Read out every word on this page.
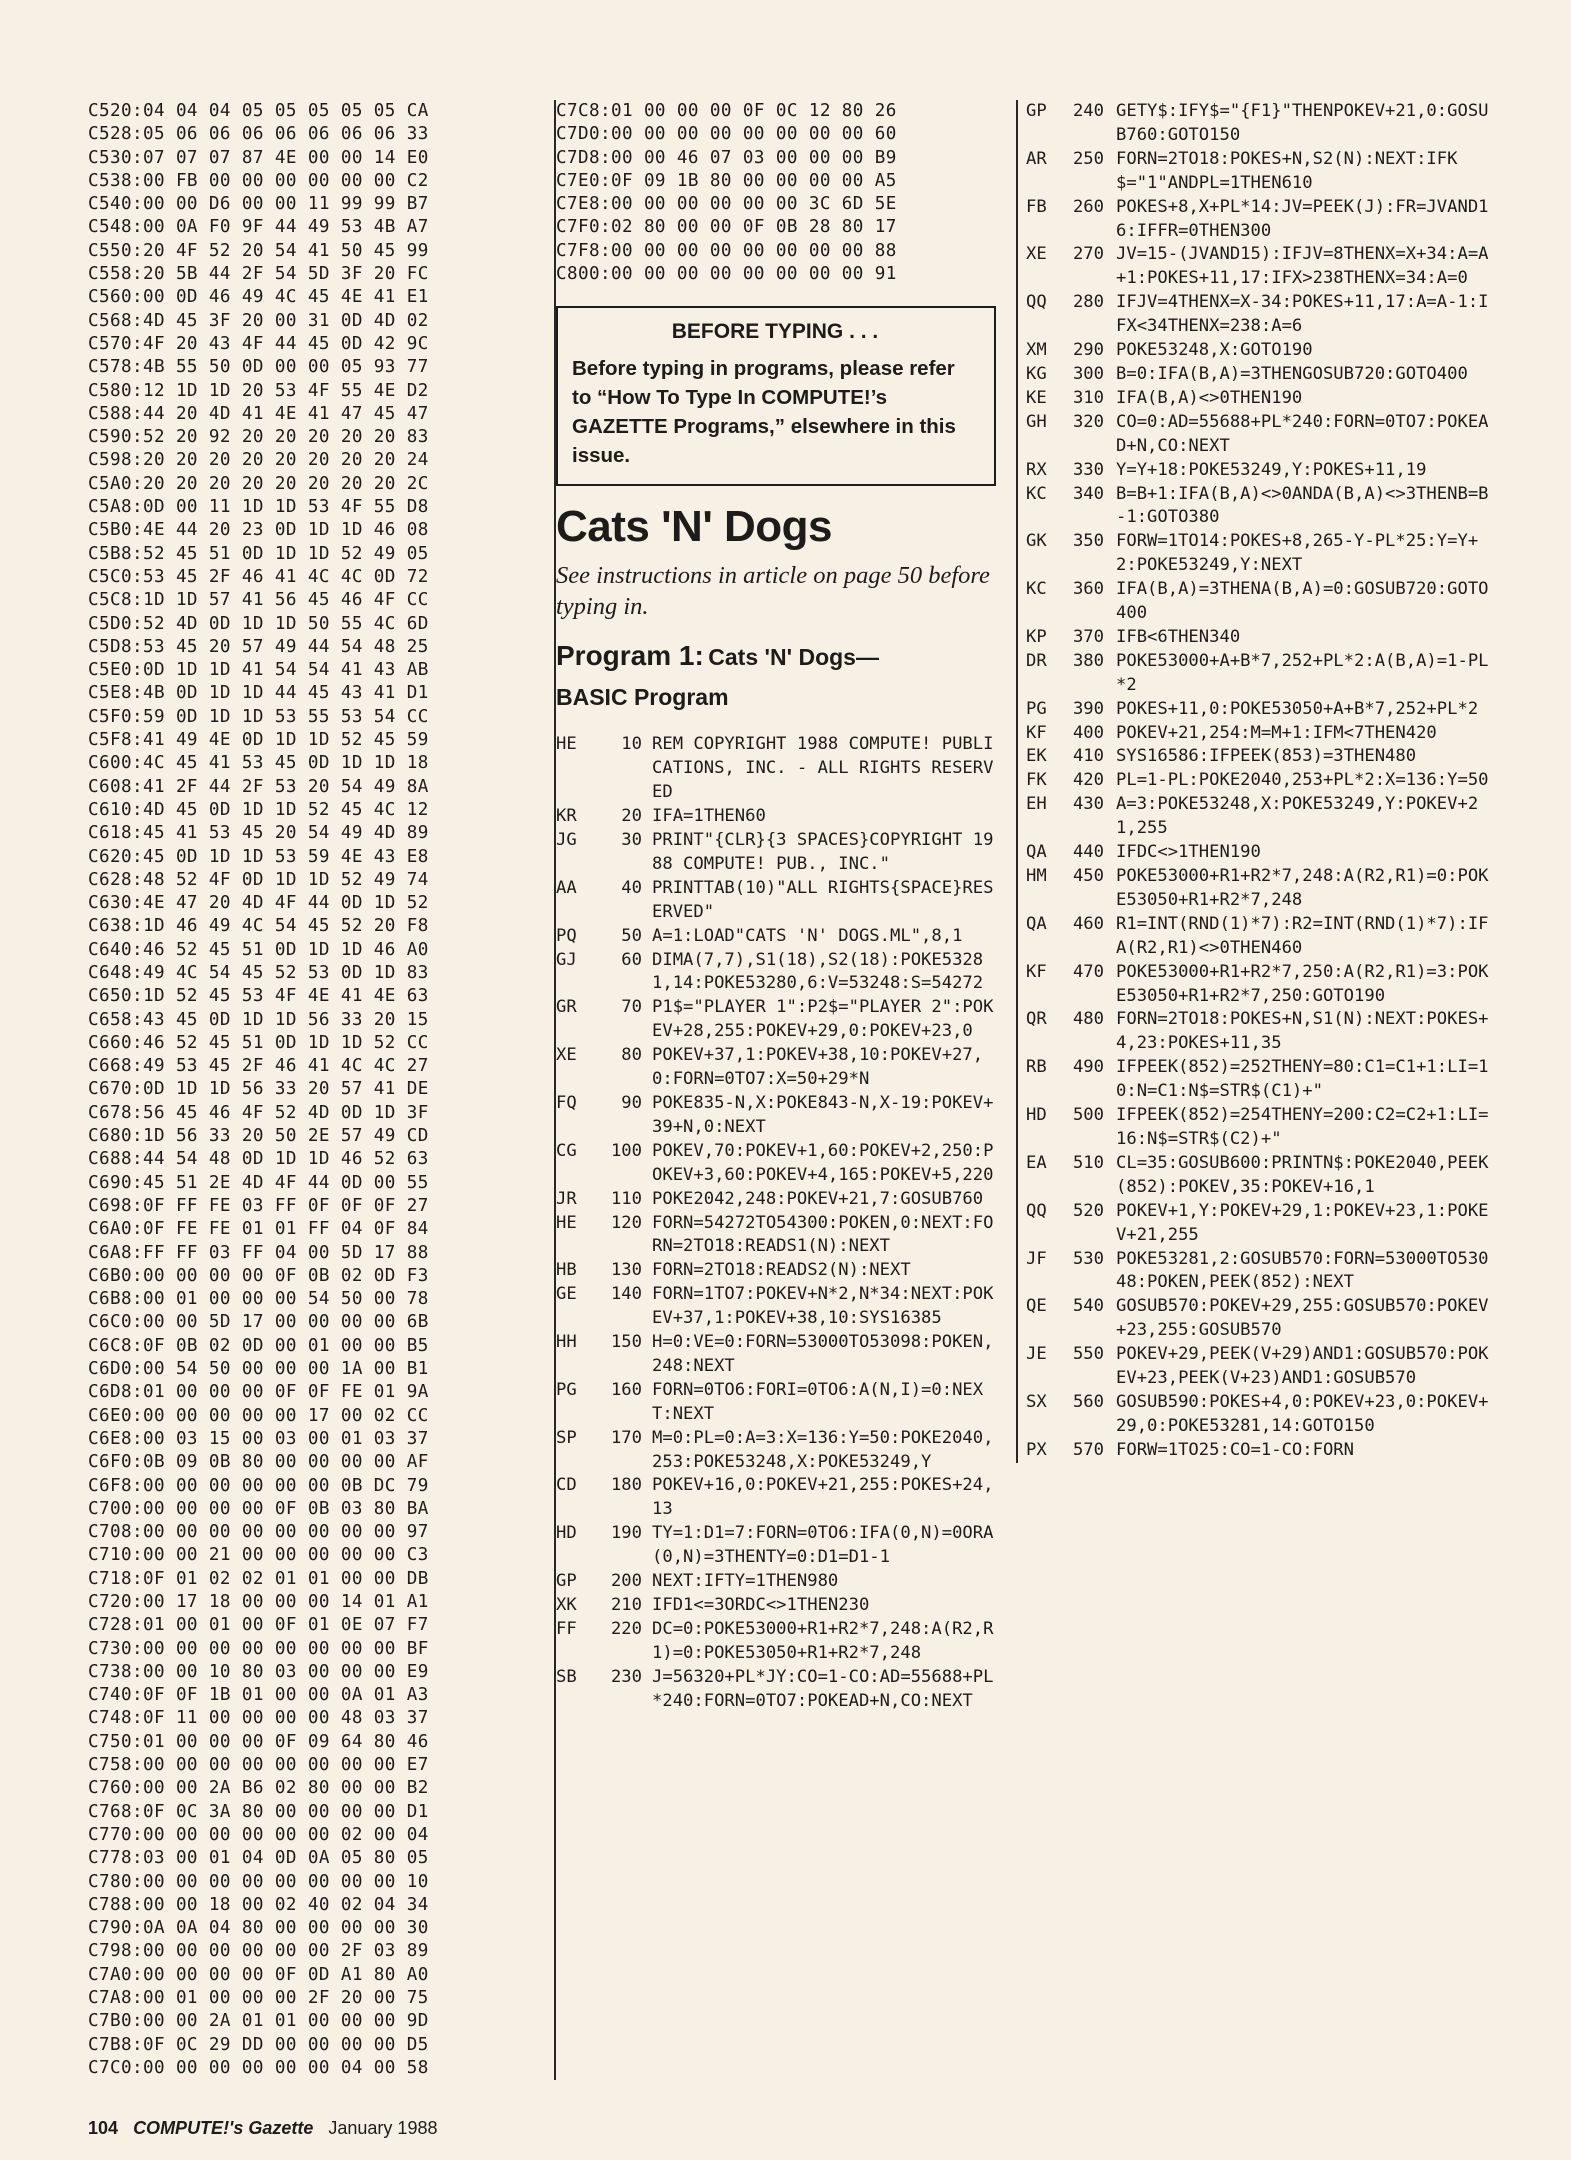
C520:04 04 04 05 05 05 05 05 CA
C528:05 06 06 06 06 06 06 06 33
C530:07 07 07 87 4E 00 00 14 E0
C538:00 FB 00 00 00 00 00 00 C2
C540:00 00 D6 00 00 11 99 99 B7
C548:00 0A F0 9F 44 49 53 4B A7
C550:20 4F 52 20 54 41 50 45 99
C558:20 5B 44 2F 54 5D 3F 20 FC
C560:00 0D 46 49 4C 45 4E 41 E1
C568:4D 45 3F 20 00 31 0D 4D 02
C570:4F 20 43 4F 44 45 0D 42 9C
C578:4B 55 50 0D 00 00 05 93 77
C580:12 1D 1D 20 53 4F 55 4E D2
C588:44 20 4D 41 4E 41 47 45 47
C590:52 20 92 20 20 20 20 20 83
C598:20 20 20 20 20 20 20 20 24
C5A0:20 20 20 20 20 20 20 20 2C
C5A8:0D 00 11 1D 1D 53 4F 55 D8
C5B0:4E 44 20 23 0D 1D 1D 46 08
C5B8:52 45 51 0D 1D 1D 52 49 05
C5C0:53 45 2F 46 41 4C 4C 0D 72
C5C8:1D 1D 57 41 56 45 46 4F CC
C5D0:52 4D 0D 1D 1D 50 55 4C 6D
C5D8:53 45 20 57 49 44 54 48 25
C5E0:0D 1D 1D 41 54 54 41 43 AB
C5E8:4B 0D 1D 1D 44 45 43 41 D1
C5F0:59 0D 1D 1D 53 55 53 54 CC
C5F8:41 49 4E 0D 1D 1D 52 45 59
C600:4C 45 41 53 45 0D 1D 1D 18
C608:41 2F 44 2F 53 20 54 49 8A
C610:4D 45 0D 1D 1D 52 45 4C 12
C618:45 41 53 45 20 54 49 4D 89
C620:45 0D 1D 1D 53 59 4E 43 E8
C628:48 52 4F 0D 1D 1D 52 49 74
C630:4E 47 20 4D 4F 44 0D 1D 52
C638:1D 46 49 4C 54 45 52 20 F8
C640:46 52 45 51 0D 1D 1D 46 A0
C648:49 4C 54 45 52 53 0D 1D 83
C650:1D 52 45 53 4F 4E 41 4E 63
C658:43 45 0D 1D 1D 56 33 20 15
C660:46 52 45 51 0D 1D 1D 52 CC
C668:49 53 45 2F 46 41 4C 4C 27
C670:0D 1D 1D 56 33 20 57 41 DE
C678:56 45 46 4F 52 4D 0D 1D 3F
C680:1D 56 33 20 50 2E 57 49 CD
C688:44 54 48 0D 1D 1D 46 52 63
C690:45 51 2E 4D 4F 44 0D 00 55
C698:0F FF FE 03 FF 0F 0F 0F 27
C6A0:0F FE FE 01 01 FF 04 0F 84
C6A8:FF FF 03 FF 04 00 5D 17 88
C6B0:00 00 00 00 0F 0B 02 0D F3
C6B8:00 01 00 00 00 54 50 00 78
C6C0:00 00 5D 17 00 00 00 00 6B
C6C8:0F 0B 02 0D 00 01 00 00 B5
C6D0:00 54 50 00 00 00 1A 00 B1
C6D8:01 00 00 00 0F 0F FE 01 9A
C6E0:00 00 00 00 00 17 00 02 CC
C6E8:00 03 15 00 03 00 01 03 37
C6F0:0B 09 0B 80 00 00 00 00 AF
C6F8:00 00 00 00 00 00 0B DC 79
C700:00 00 00 00 0F 0B 03 80 BA
C708:00 00 00 00 00 00 00 00 97
C710:00 00 21 00 00 00 00 00 C3
C718:0F 01 02 02 01 01 00 00 DB
C720:00 17 18 00 00 00 14 01 A1
C728:01 00 01 00 0F 01 0E 07 F7
C730:00 00 00 00 00 00 00 00 BF
C738:00 00 10 80 03 00 00 00 E9
C740:0F 0F 1B 01 00 00 0A 01 A3
C748:0F 11 00 00 00 00 48 03 37
C750:01 00 00 00 0F 09 64 80 46
C758:00 00 00 00 00 00 00 00 E7
C760:00 00 2A B6 02 80 00 00 B2
C768:0F 0C 3A 80 00 00 00 00 D1
C770:00 00 00 00 00 00 02 00 04
C778:03 00 01 04 0D 0A 05 80 05
C780:00 00 00 00 00 00 00 00 10
C788:00 00 18 00 02 40 02 04 34
C790:0A 0A 04 80 00 00 00 00 30
C798:00 00 00 00 00 00 2F 03 89
C7A0:00 00 00 00 0F 0D A1 80 A0
C7A8:00 01 00 00 00 2F 20 00 75
C7B0:00 00 2A 01 01 00 00 00 9D
C7B8:0F 0C 29 DD 00 00 00 00 D5
C7C0:00 00 00 00 00 00 04 00 58
C7C8:01 00 00 00 0F 0C 12 80 26
C7D0:00 00 00 00 00 00 00 00 60
C7D8:00 00 46 07 03 00 00 00 B9
C7E0:0F 09 1B 80 00 00 00 00 A5
C7E8:00 00 00 00 00 00 3C 6D 5E
C7F0:02 80 00 00 0F 0B 28 80 17
C7F8:00 00 00 00 00 00 00 00 88
C800:00 00 00 00 00 00 00 00 91
BEFORE TYPING . . .
Before typing in programs, please refer to “How To Type In COMPUTE!’s GAZETTE Programs,” elsewhere in this issue.
Cats 'N' Dogs
See instructions in article on page 50 before typing in.
Program 1: Cats 'N' Dogs—
BASIC Program
HE	10 REM COPYRIGHT 1988 COMPUTE! PUBLICATIONS, INC. - ALL RIGHTS RESERVED
KR	20 IFA=1THEN60
JG	30 PRINT"{CLR}{3 SPACES}COPYRIGHT 1988 COMPUTE! PUB., INC."
AA	40 PRINTTAB(10)"ALL RIGHTS{SPACE}RESERVED"
PQ	50 A=1:LOAD"CATS 'N' DOGS.ML",8,1
GJ	60 DIMA(7,7),S1(18),S2(18):POKE53281,14:POKE53280,6:V=53248:S=54272
GR	70 P1$="PLAYER 1":P2$="PLAYER 2":POKEV+28,255:POKEV+29,0:POKEV+23,0
XE	80 POKEV+37,1:POKEV+38,10:POKEV+27,0:FORN=0TO7:X=50+29*N
FQ	90 POKE835-N,X:POKE843-N,X-19:POKEV+39+N,0:NEXT
CG	100 POKEV,70:POKEV+1,60:POKEV+2,250:POKEV+3,60:POKEV+4,165:POKEV+5,220
JR	110 POKE2042,248:POKEV+21,7:GOSUB760
HE	120 FORN=54272TO54300:POKEN,0:NEXT:FORN=2TO18:READS1(N):NEXT
HB	130 FORN=2TO18:READS2(N):NEXT
GE	140 FORN=1TO7:POKEV+N*2,N*34:NEXT:POKEV+37,1:POKEV+38,10:SYS16385
HH	150 H=0:VE=0:FORN=53000TO53098:POKEN,248:NEXT
PG	160 FORN=0TO6:FORI=0TO6:A(N,I)=0:NEXT:NEXT
SP	170 M=0:PL=0:A=3:X=136:Y=50:POKE2040,253:POKE53248,X:POKE53249,Y
CD	180 POKEV+16,0:POKEV+21,255:POKES+24,13
HD	190 TY=1:D1=7:FORN=0TO6:IFA(0,N)=0ORA(0,N)=3THENTY=0:D1=D1-1
GP	200 NEXT:IFTY=1THEN980
XK	210 IFD1<=3ORDC<>1THEN230
FF	220 DC=0:POKE53000+R1+R2*7,248:A(R2,R1)=0:POKE53050+R1+R2*7,248
SB	230 J=56320+PL*JY:CO=1-CO:AD=55688+PL*240:FORN=0TO7:POKEAD+N,CO:NEXT
GP	240 GETY$:IFY$="{F1}"THENPOKEV+21,0:GOSUB760:GOTO150
AR	250 FORN=2TO18:POKES+N,S2(N):NEXT:IFK$="1"ANDPL=1THEN610
FB	260 POKES+8,X+PL*14:JV=PEEK(J):FR=JVAND16:IFFR=0THEN300
XE	270 JV=15-(JVAND15):IFJV=8THENX=X+34:A=A+1:POKES+11,17:IFX>238THENX=34:A=0
QQ	280 IFJV=4THENX=X-34:POKES+11,17:A=A-1:IFX<34THENX=238:A=6
XM	290 POKE53248,X:GOTO190
KG	300 B=0:IFA(B,A)=3THENGOSUB720:GOTO400
KE	310 IFA(B,A)<>0THEN190
GH	320 CO=0:AD=55688+PL*240:FORN=0TO7:POKEAD+N,CO:NEXT
RX	330 Y=Y+18:POKE53249,Y:POKES+11,19
KC	340 B=B+1:IFA(B,A)<>0ANDA(B,A)<>3THENB=B-1:GOTO380
GK	350 FORW=1TO14:POKES+8,265-Y-PL*25:Y=Y+2:POKE53249,Y:NEXT
KC	360 IFA(B,A)=3THENA(B,A)=0:GOSUB720:GOTO400
KP	370 IFB<6THEN340
DR	380 POKE53000+A+B*7,252+PL*2:A(B,A)=1-PL*2
PG	390 POKES+11,0:POKE53050+A+B*7,252+PL*2
KF	400 POKEV+21,254:M=M+1:IFM<7THEN420
EK	410 SYS16586:IFPEEK(853)=3THEN480
FK	420 PL=1-PL:POKE2040,253+PL*2:X=136:Y=50
EH	430 A=3:POKE53248,X:POKE53249,Y:POKEV+21,255
QA	440 IFDC<>1THEN190
HM	450 POKE53000+R1+R2*7,248:A(R2,R1)=0:POKE53050+R1+R2*7,248
QA	460 R1=INT(RND(1)*7):R2=INT(RND(1)*7):IFA(R2,R1)<>0THEN460
KF	470 POKE53000+R1+R2*7,250:A(R2,R1)=3:POKE53050+R1+R2*7,250:GOTO190
QR	480 FORN=2TO18:POKES+N,S1(N):NEXT:POKES+4,23:POKES+11,35
RB	490 IFPEEK(852)=252THENY=80:C1=C1+1:LI=10:N=C1:N$=STR$(C1)+"
HD	500 IFPEEK(852)=254THENY=200:C2=C2+1:LI=16:N$=STR$(C2)+"
EA	510 CL=35:GOSUB600:PRINTN$:POKE2040,PEEK(852):POKEV,35:POKEV+16,1
QQ	520 POKEV+1,Y:POKEV+29,1:POKEV+23,1:POKEV+21,255
JF	530 POKE53281,2:GOSUB570:FORN=53000TO53048:POKEN,PEEK(852):NEXT
QE	540 GOSUB570:POKEV+29,255:GOSUB570:POKEV+23,255:GOSUB570
JE	550 POKEV+29,PEEK(V+29)AND1:GOSUB570:POKEV+23,PEEK(V+23)AND1:GOSUB570
SX	560 GOSUB590:POKES+4,0:POKEV+23,0:POKEV+29,0:POKE53281,14:GOTO150
PX	570 FORW=1TO25:CO=1-CO:FORN
104 COMPUTE!'s Gazette January 1988
